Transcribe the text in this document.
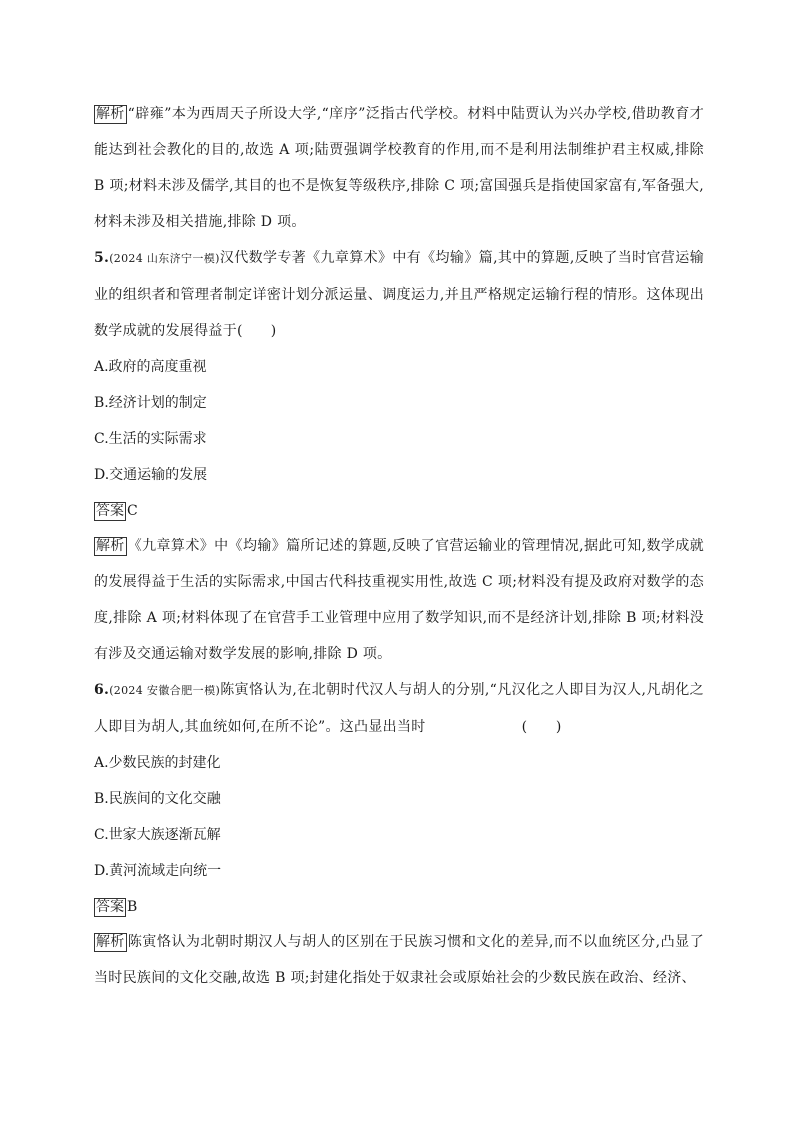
解析 “辟雍”本为西周天子所设大学,“庠序”泛指古代学校。材料中陆贾认为兴办学校,借助教育才能达到社会教化的目的,故选 A 项;陆贾强调学校教育的作用,而不是利用法制维护君主权威,排除 B 项;材料未涉及儒学,其目的也不是恢复等级秩序,排除 C 项;富国强兵是指使国家富有,军备强大,材料未涉及相关措施,排除 D 项。
5.(2024 山东济宁一模)汉代数学专著《九章算术》中有《均输》篇,其中的算题,反映了当时官营运输业的组织者和管理者制定详密计划分派运量、调度运力,并且严格规定运输行程的情形。这体现出数学成就的发展得益于( )
A.政府的高度重视
B.经济计划的制定
C.生活的实际需求
D.交通运输的发展
答案 C
解析 《九章算术》中《均输》篇所记述的算题,反映了官营运输业的管理情况,据此可知,数学成就的发展得益于生活的实际需求,中国古代科技重视实用性,故选 C 项;材料没有提及政府对数学的态度,排除 A 项;材料体现了在官营手工业管理中应用了数学知识,而不是经济计划,排除 B 项;材料没有涉及交通运输对数学发展的影响,排除 D 项。
6.(2024 安徽合肥一模)陈寅恪认为,在北朝时代汉人与胡人的分别,“凡汉化之人即目为汉人,凡胡化之人即目为胡人,其血统如何,在所不论”。这凸显出当时	(　　)
A.少数民族的封建化
B.民族间的文化交融
C.世家大族逐渐瓦解
D.黄河流域走向统一
答案 B
解析 陈寅恪认为北朝时期汉人与胡人的区别在于民族习惯和文化的差异,而不以血统区分,凸显了当时民族间的文化交融,故选 B 项;封建化指处于奴隶社会或原始社会的少数民族在政治、经济、
